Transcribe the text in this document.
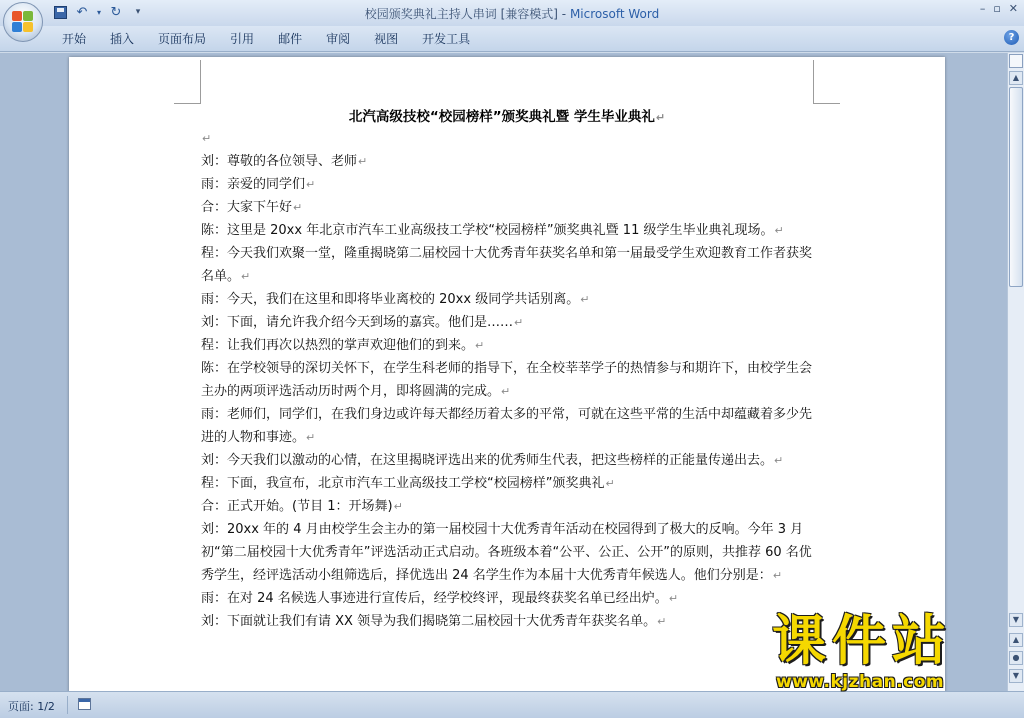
↶	▾ ↻	▾	校园颁奖典礼主持人串词 [兼容模式] - Microsoft Word	– ▫ ✕
开始	插入	页面布局	引用	邮件	审阅	视图	开发工具	?
北汽高级技校“校园榜样”颁奖典礼暨 学生毕业典礼↵
↵
刘：尊敬的各位领导、老师↵
雨：亲爱的同学们↵
合：大家下午好↵
陈：这里是 20xx 年北京市汽车工业高级技工学校“校园榜样”颁奖典礼暨 11 级学生毕业典礼现场。↵
程：今天我们欢聚一堂，隆重揭晓第二届校园十大优秀青年获奖名单和第一届最受学生欢迎教育工作者获奖名单。↵
雨：今天，我们在这里和即将毕业离校的 20xx 级同学共话别离。↵
刘：下面，请允许我介绍今天到场的嘉宾。他们是……↵
程：让我们再次以热烈的掌声欢迎他们的到来。↵
陈：在学校领导的深切关怀下，在学生科老师的指导下，在全校莘莘学子的热情参与和期许下，由校学生会主办的两项评选活动历时两个月，即将圆满的完成。↵
雨：老师们，同学们，在我们身边或许每天都经历着太多的平常，可就在这些平常的生活中却蕴藏着多少先进的人物和事迹。↵
刘：今天我们以激动的心情，在这里揭晓评选出来的优秀师生代表，把这些榜样的正能量传递出去。↵
程：下面，我宣布，北京市汽车工业高级技工学校“校园榜样”颁奖典礼↵
合：正式开始。(节目 1：开场舞)↵
刘：20xx 年的 4 月由校学生会主办的第一届校园十大优秀青年活动在校园得到了极大的反响。今年 3 月初“第二届校园十大优秀青年”评选活动正式启动。各班级本着“公平、公正、公开”的原则，共推荐 60 名优秀学生，经评选活动小组筛选后，择优选出 24 名学生作为本届十大优秀青年候选人。他们分别是：↵
雨：在对 24 名候选人事迹进行宣传后，经学校终评，现最终获奖名单已经出炉。↵
刘：下面就让我们有请 XX 领导为我们揭晓第二届校园十大优秀青年获奖名单。↵
▲
▼
▲
●
▼
页面: 1/2
课件站
www.kjzhan.com
